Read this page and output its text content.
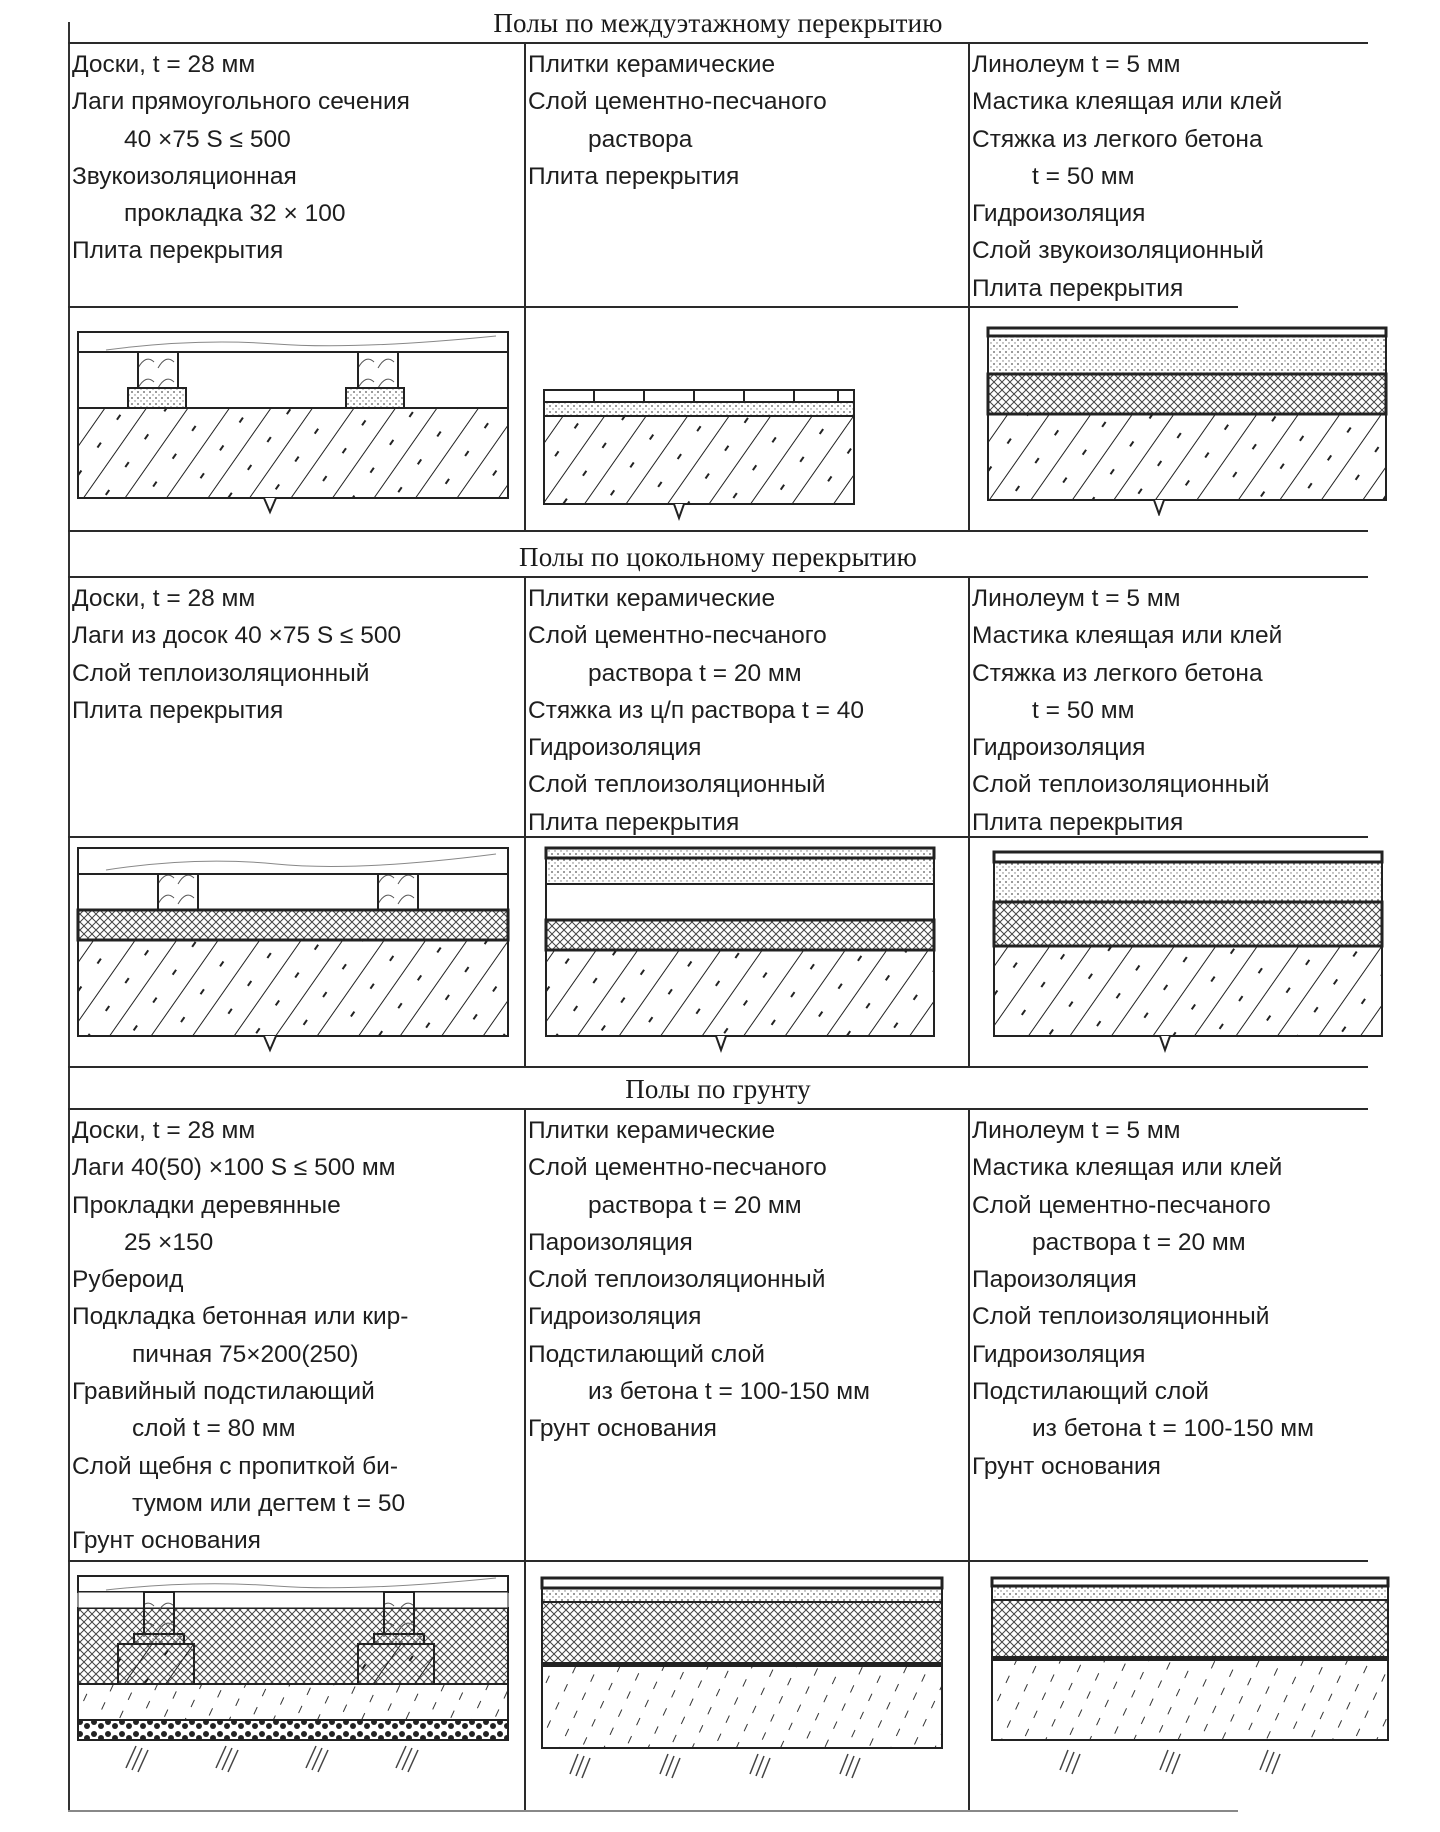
Полы по междуэтажному перекрытию
Доски, t = 28 мм
Лаги прямоугольного сечения
40 ×75 S ≤ 500
Звукоизоляционная
прокладка 32 × 100
Плита перекрытия
Плитки керамические
Слой цементно-песчаного
раствора
Плита перекрытия
Линолеум t = 5 мм
Мастика клеящая или клей
Стяжка из легкого бетона
t = 50 мм
Гидроизоляция
Слой звукоизоляционный
Плита перекрытия
Полы по цокольному перекрытию
Доски, t = 28 мм
Лаги из досок 40 ×75 S ≤ 500
Слой теплоизоляционный
Плита перекрытия
Плитки керамические
Слой цементно-песчаного
раствора t = 20 мм
Стяжка из ц/п раствора t = 40
Гидроизоляция
Слой теплоизоляционный
Плита перекрытия
Линолеум t = 5 мм
Мастика клеящая или клей
Стяжка из легкого бетона
t = 50 мм
Гидроизоляция
Слой теплоизоляционный
Плита перекрытия
Полы по грунту
Доски, t = 28 мм
Лаги 40(50) ×100 S ≤ 500 мм
Прокладки деревянные
25 ×150
Рубероид
Подкладка бетонная или кир-
пичная 75×200(250)
Гравийный подстилающий
слой t = 80 мм
Слой щебня с пропиткой би-
тумом или дегтем t = 50
Грунт основания
Плитки керамические
Слой цементно-песчаного
раствора t = 20 мм
Пароизоляция
Слой теплоизоляционный
Гидроизоляция
Подстилающий слой
из бетона t = 100-150 мм
Грунт основания
Линолеум t = 5 мм
Мастика клеящая или клей
Слой цементно-песчаного
раствора t = 20 мм
Пароизоляция
Слой теплоизоляционный
Гидроизоляция
Подстилающий слой
из бетона t = 100-150 мм
Грунт основания
